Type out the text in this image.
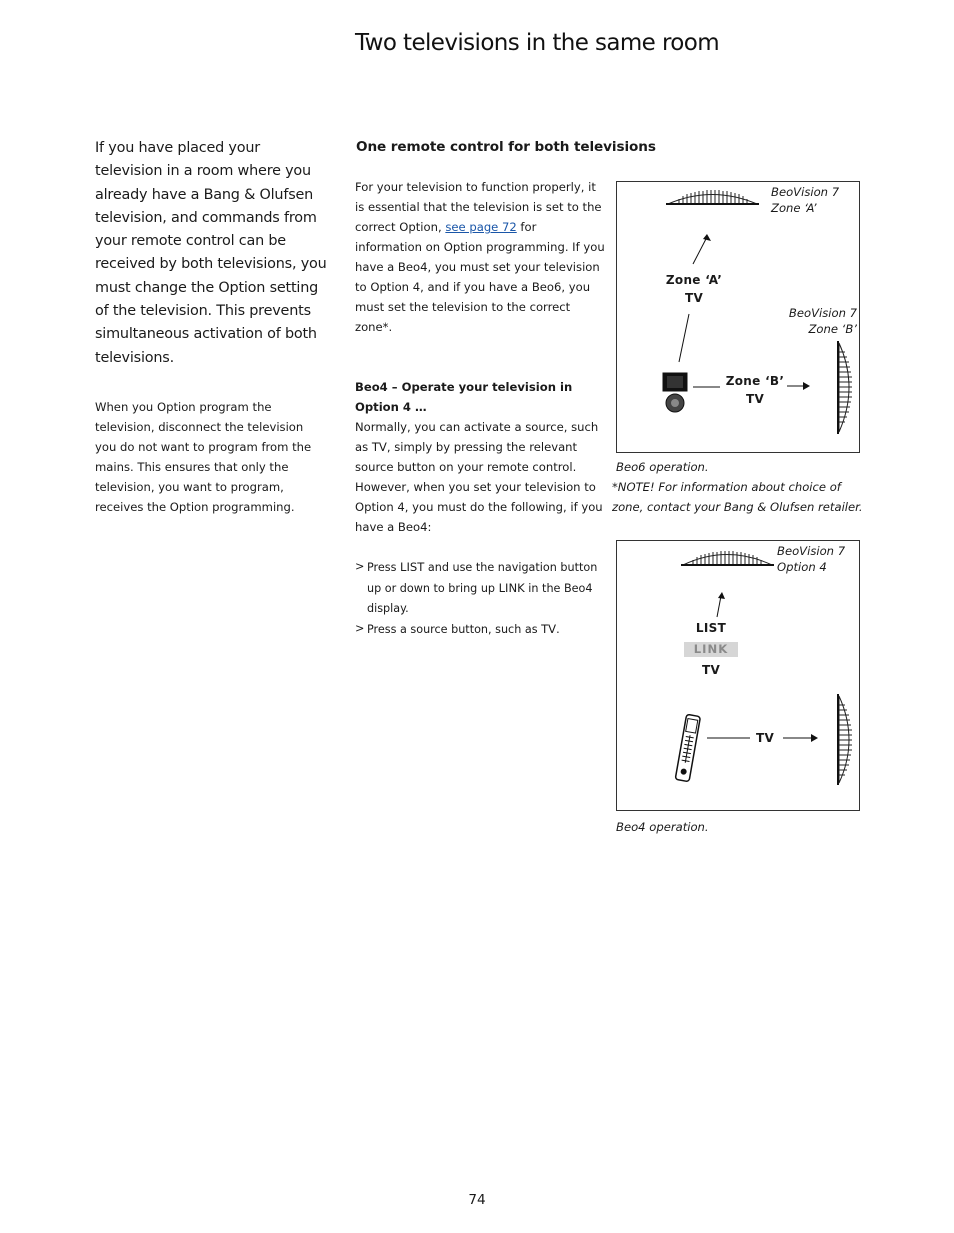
Two televisions in the same room

If you have placed your television in a room where you already have a Bang & Olufsen television, and commands from your remote control can be received by both televisions, you must change the Option setting of the television. This prevents simultaneous activation of both televisions.

When you Option program the television, disconnect the television you do not want to program from the mains. This ensures that only the television, you want to program, receives the Option programming.

One remote control for both televisions

For your television to function properly, it is essential that the television is set to the correct Option, see page 72 for information on Option programming. If you have a Beo4, you must set your television to Option 4, and if you have a Beo6, you must set the television to the correct zone*.

Beo4 – Operate your television in Option 4 …

Normally, you can activate a source, such as TV, simply by pressing the relevant source button on your remote control. However, when you set your television to Option 4, you must do the following, if you have a Beo4:

> Press LIST and use the navigation button up or down to bring up LINK in the Beo4 display.
> Press a source button, such as TV.
BeoVision 7
Zone ‘A’
BeoVision 7
Zone ‘B’
Zone ‘A’
TV
Zone ‘B’
TV

Beo6 operation.

*NOTE! For information about choice of zone, contact your Bang & Olufsen retailer.

BeoVision 7
Option 4
LIST
LINK
TV
TV

Beo4 operation.

74
